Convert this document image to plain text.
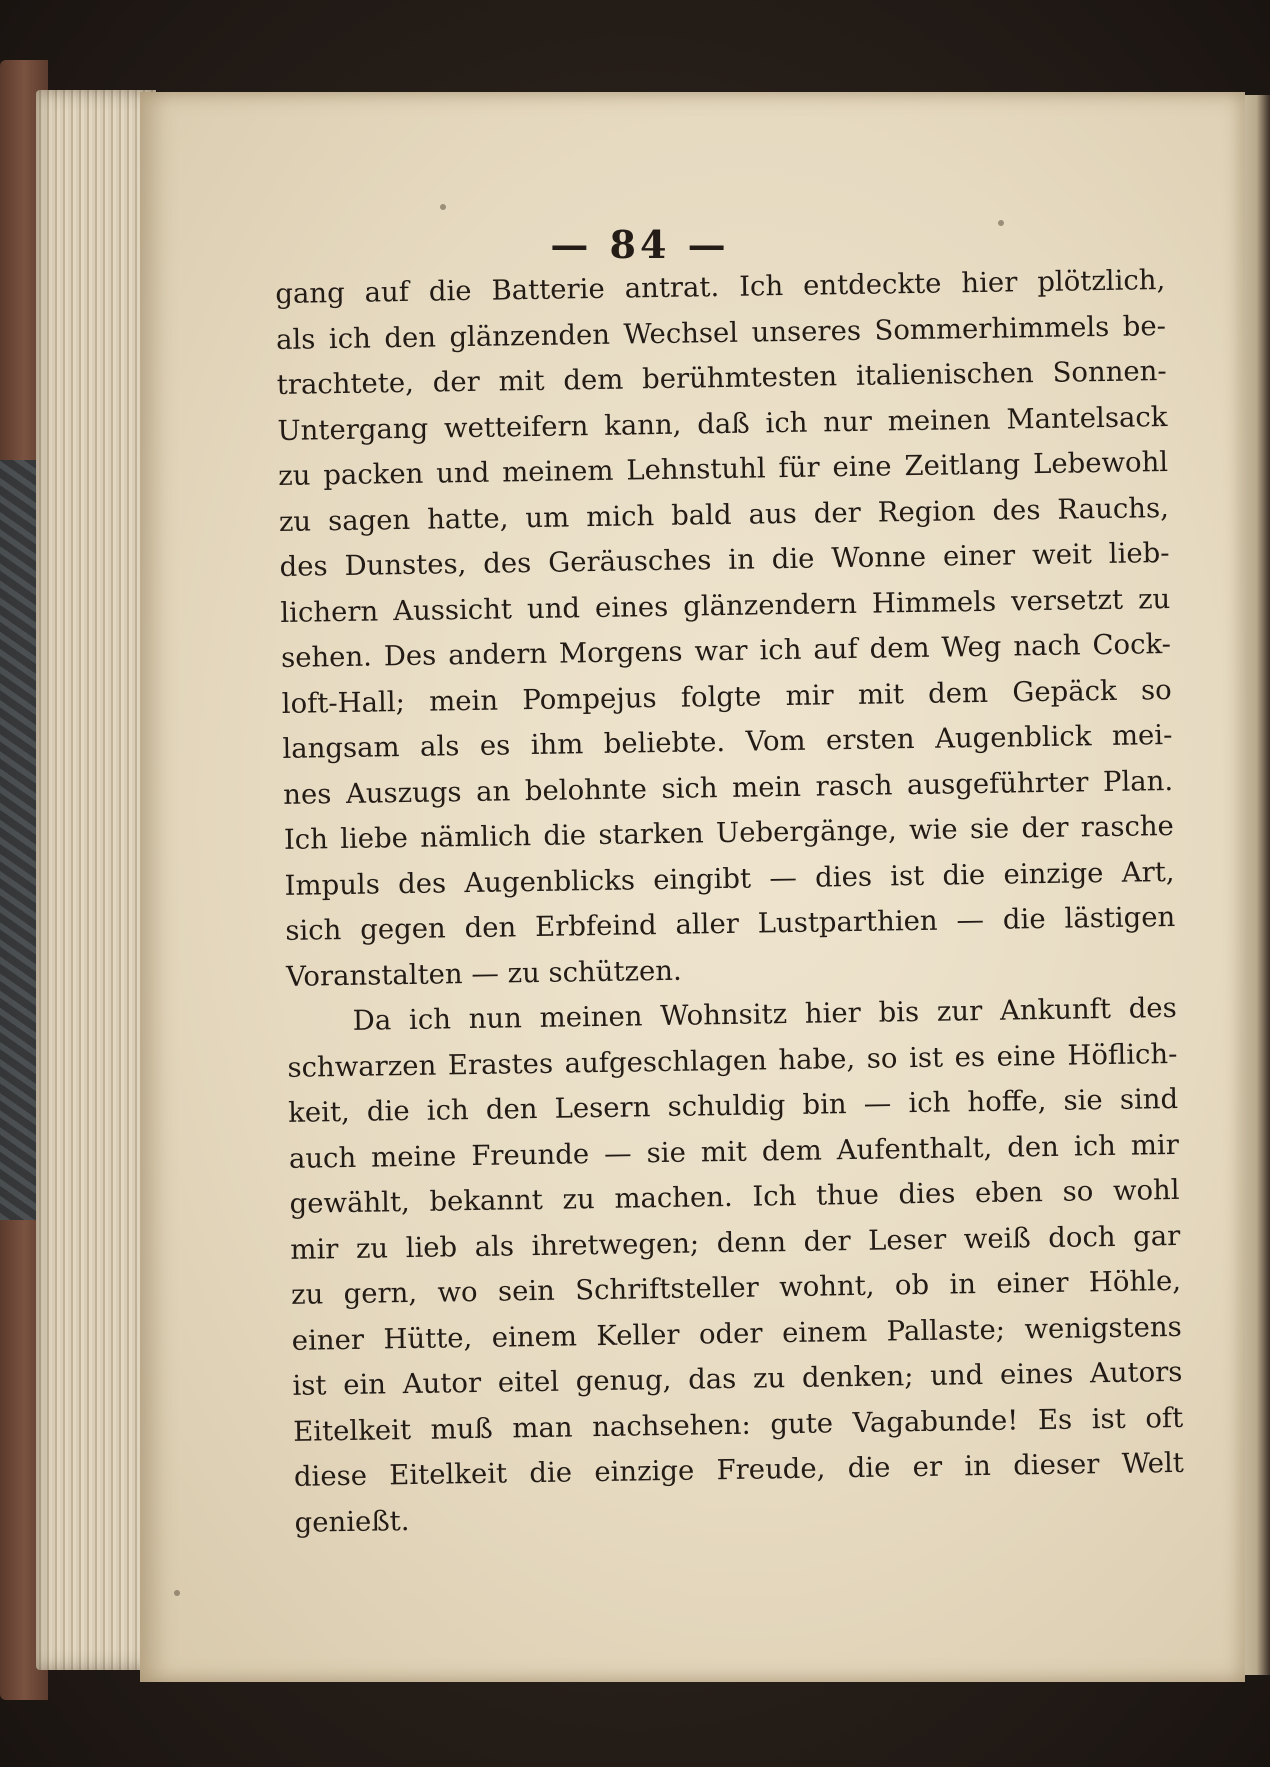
— 84 —
gang auf die Batterie antrat. Ich entdeckte hier plötzlich,
als ich den glänzenden Wechsel unseres Sommerhimmels be-
trachtete, der mit dem berühmtesten italienischen Sonnen-
Untergang wetteifern kann, daß ich nur meinen Mantelsack
zu packen und meinem Lehnstuhl für eine Zeitlang Lebewohl
zu sagen hatte, um mich bald aus der Region des Rauchs,
des Dunstes, des Geräusches in die Wonne einer weit lieb-
lichern Aussicht und eines glänzendern Himmels versetzt zu
sehen. Des andern Morgens war ich auf dem Weg nach Cock-
loft-Hall; mein Pompejus folgte mir mit dem Gepäck so
langsam als es ihm beliebte. Vom ersten Augenblick mei-
nes Auszugs an belohnte sich mein rasch ausgeführter Plan.
Ich liebe nämlich die starken Uebergänge, wie sie der rasche
Impuls des Augenblicks eingibt — dies ist die einzige Art,
sich gegen den Erbfeind aller Lustparthien — die lästigen
Voranstalten — zu schützen.
Da ich nun meinen Wohnsitz hier bis zur Ankunft des
schwarzen Erastes aufgeschlagen habe, so ist es eine Höflich-
keit, die ich den Lesern schuldig bin — ich hoffe, sie sind
auch meine Freunde — sie mit dem Aufenthalt, den ich mir
gewählt, bekannt zu machen. Ich thue dies eben so wohl
mir zu lieb als ihretwegen; denn der Leser weiß doch gar
zu gern, wo sein Schriftsteller wohnt, ob in einer Höhle,
einer Hütte, einem Keller oder einem Pallaste; wenigstens
ist ein Autor eitel genug, das zu denken; und eines Autors
Eitelkeit muß man nachsehen: gute Vagabunde! Es ist oft
diese Eitelkeit die einzige Freude, die er in dieser Welt
genießt.
